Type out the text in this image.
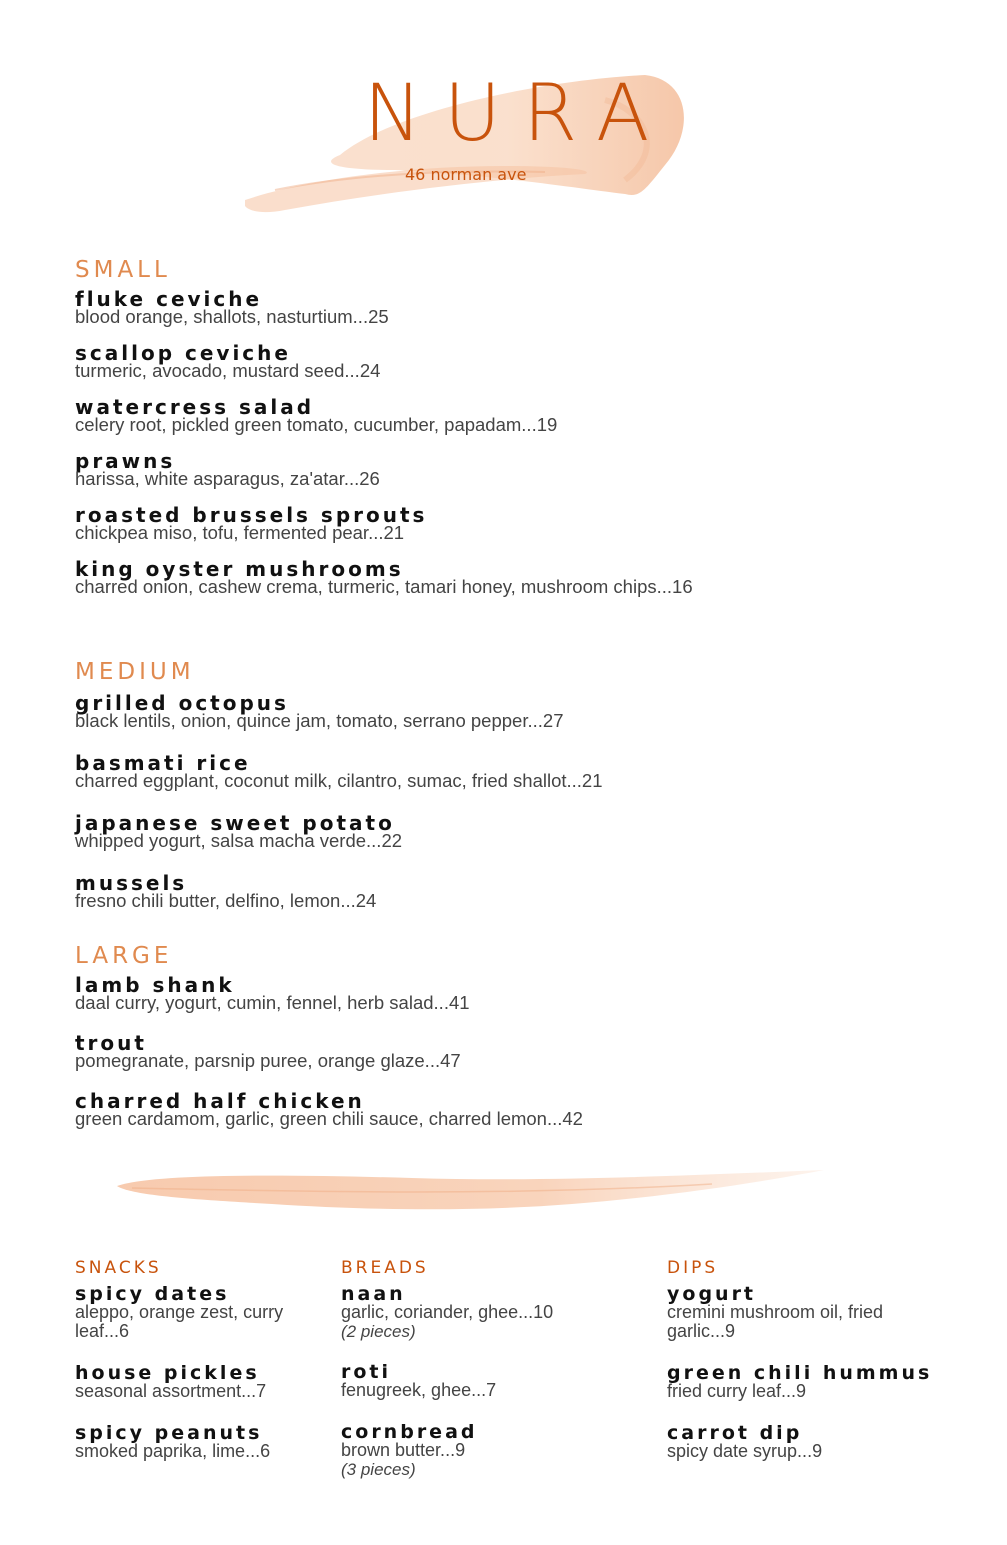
NURA
46 norman ave
SMALL

fluke ceviche

blood orange, shallots, nasturtium...25

scallop ceviche

turmeric, avocado, mustard seed...24

watercress salad

celery root, pickled green tomato, cucumber, papadam...19

prawns

harissa, white asparagus, za'atar...26

roasted brussels sprouts

chickpea miso, tofu, fermented pear...21

king oyster mushrooms

charred onion, cashew crema, turmeric, tamari honey, mushroom chips...16

MEDIUM

grilled octopus

black lentils, onion, quince jam, tomato, serrano pepper...27

basmati rice

charred eggplant, coconut milk, cilantro, sumac, fried shallot...21

japanese sweet potato

whipped yogurt, salsa macha verde...22

mussels

fresno chili butter, delfino, lemon...24

LARGE

lamb shank

daal curry, yogurt, cumin, fennel, herb salad...41

trout

pomegranate, parsnip puree, orange glaze...47

charred half chicken

green cardamom, garlic, green chili sauce, charred lemon...42

SNACKS

spicy dates

aleppo, orange zest, curry leaf...6

house pickles

seasonal assortment...7

spicy peanuts

smoked paprika, lime...6

BREADS

naan

garlic, coriander, ghee...10

(2 pieces)

roti

fenugreek, ghee...7

cornbread

brown butter...9

(3 pieces)

DIPS

yogurt

cremini mushroom oil, fried garlic...9

green chili hummus

fried curry leaf...9

carrot dip

spicy date syrup...9
